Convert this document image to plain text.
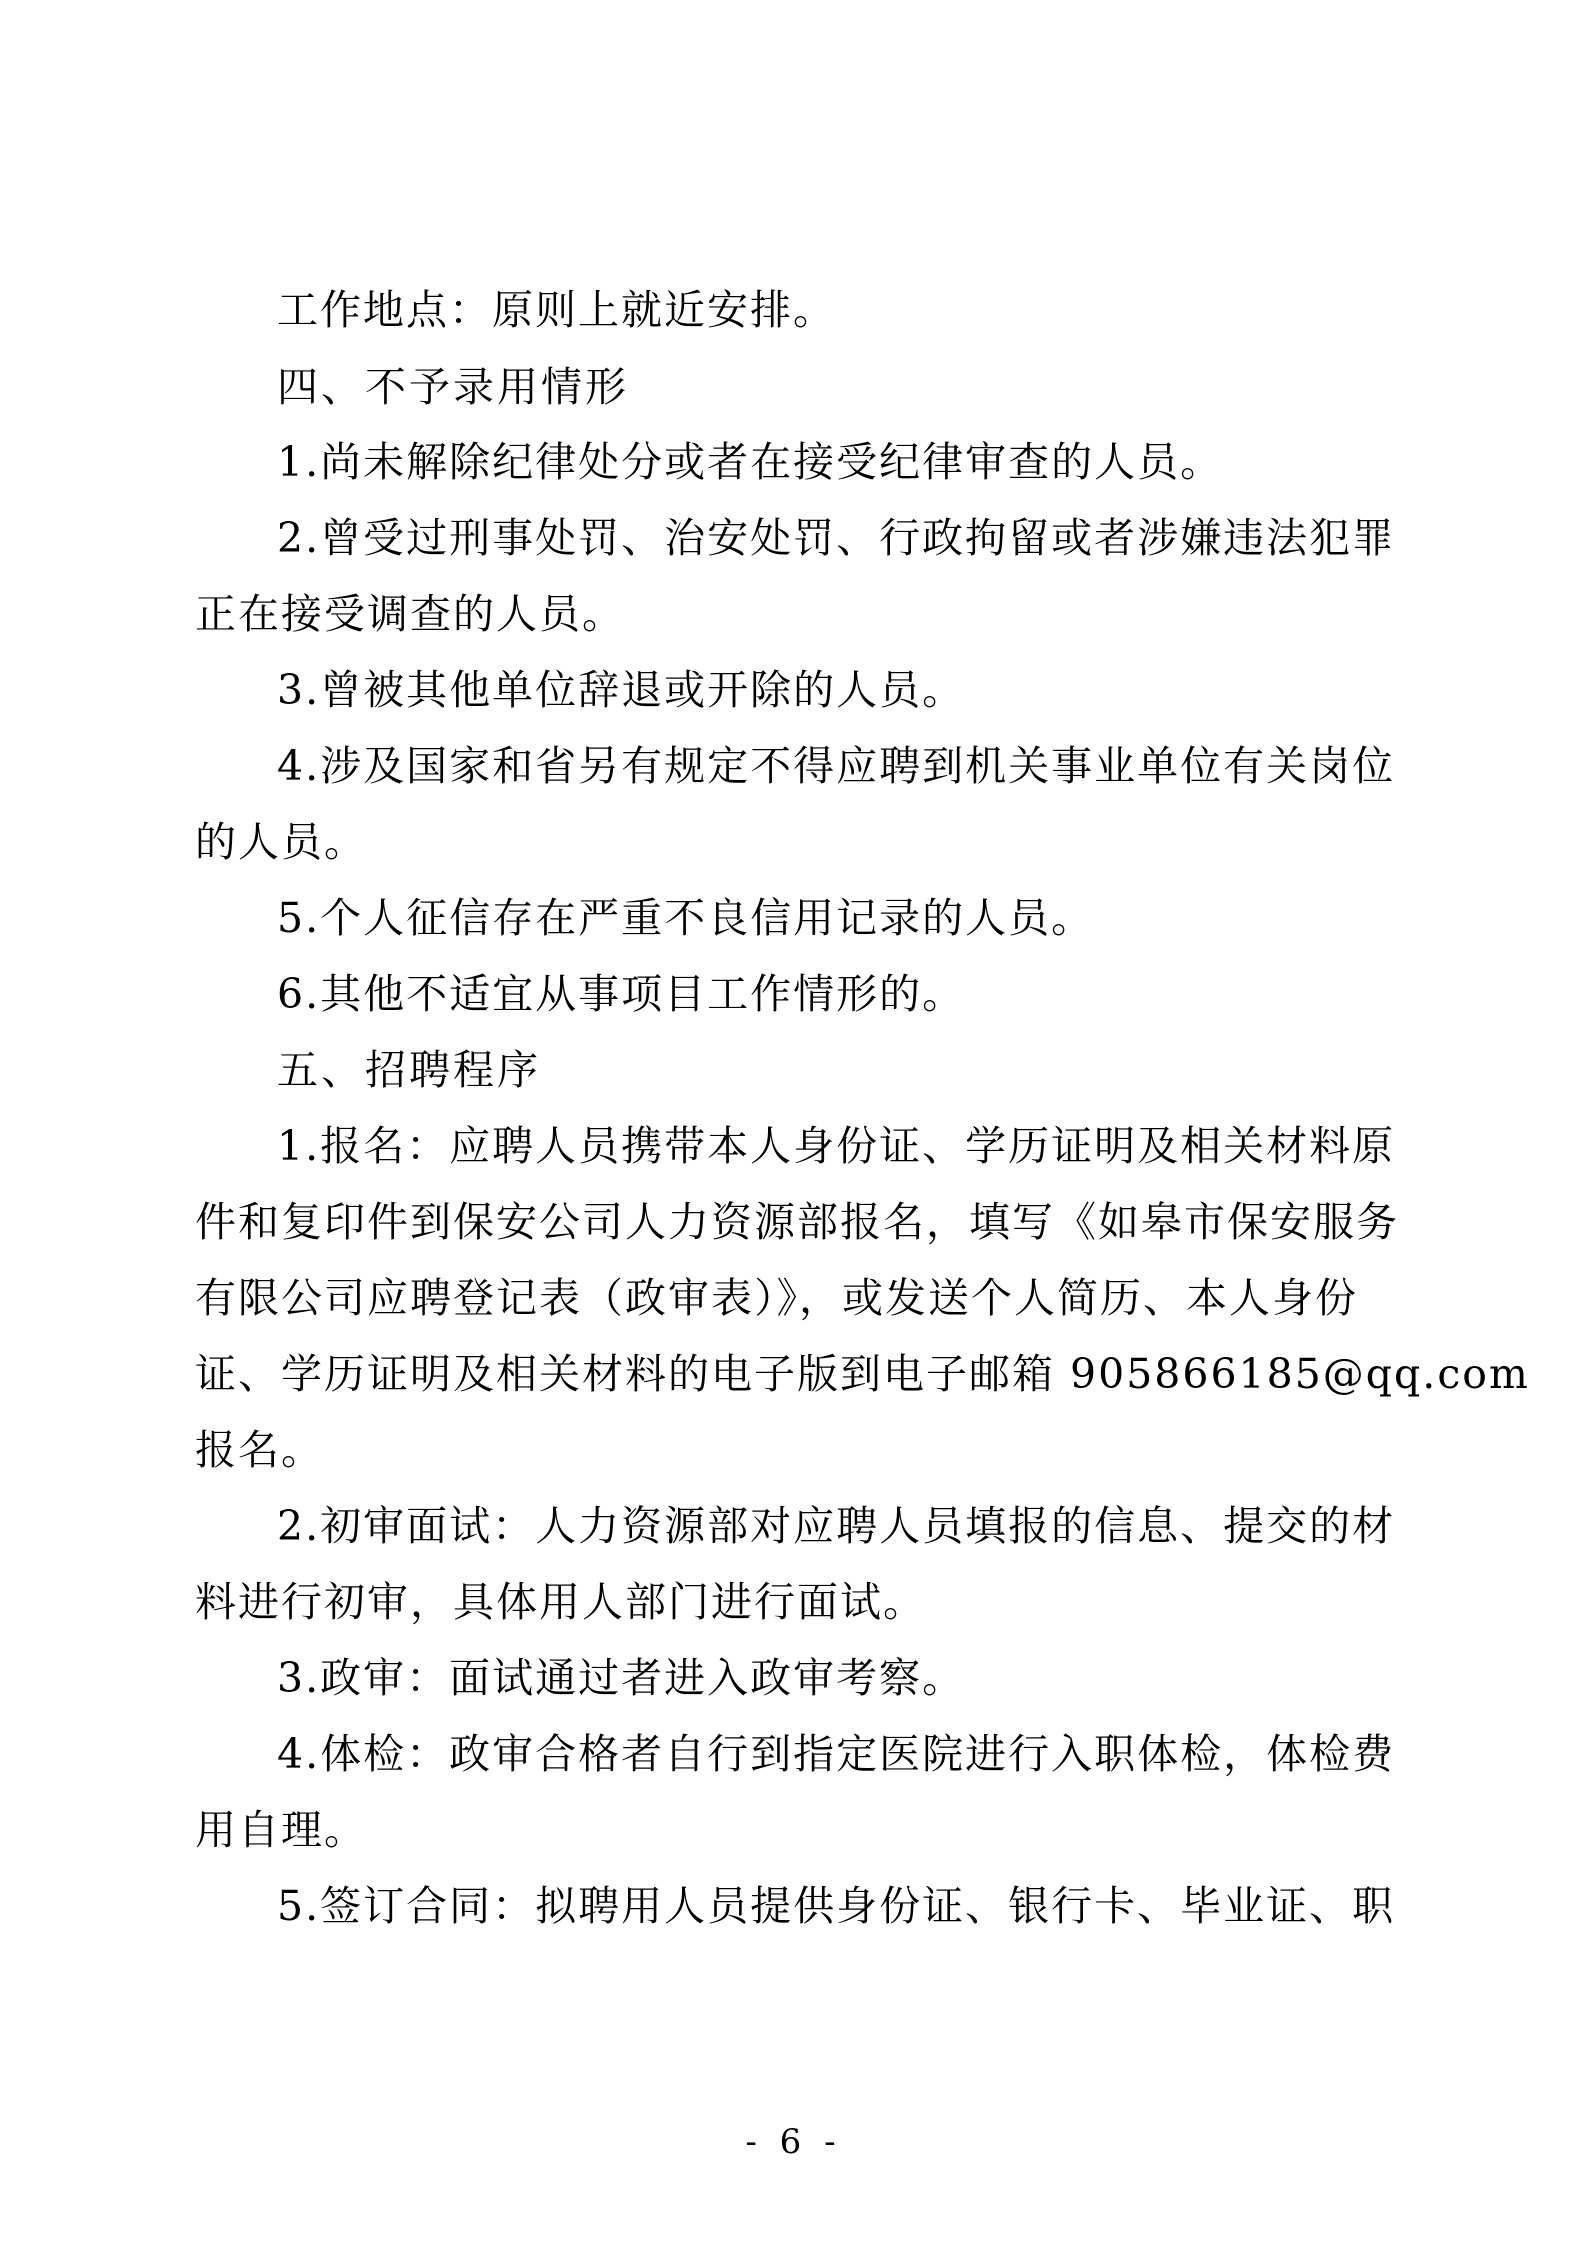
工作地点：原则上就近安排。
四、不予录用情形
1.尚未解除纪律处分或者在接受纪律审查的人员。
2.曾受过刑事处罚、治安处罚、行政拘留或者涉嫌违法犯罪
正在接受调查的人员。
3.曾被其他单位辞退或开除的人员。
4.涉及国家和省另有规定不得应聘到机关事业单位有关岗位
的人员。
5.个人征信存在严重不良信用记录的人员。
6.其他不适宜从事项目工作情形的。
五、招聘程序
1.报名：应聘人员携带本人身份证、学历证明及相关材料原
件和复印件到保安公司人力资源部报名，填写《如皋市保安服务
有限公司应聘登记表（政审表）》，或发送个人简历、本人身份
证、学历证明及相关材料的电子版到电子邮箱 905866185@qq.com
报名。
2.初审面试：人力资源部对应聘人员填报的信息、提交的材
料进行初审，具体用人部门进行面试。
3.政审：面试通过者进入政审考察。
4.体检：政审合格者自行到指定医院进行入职体检，体检费
用自理。
5.签订合同：拟聘用人员提供身份证、银行卡、毕业证、职
- 6 -
